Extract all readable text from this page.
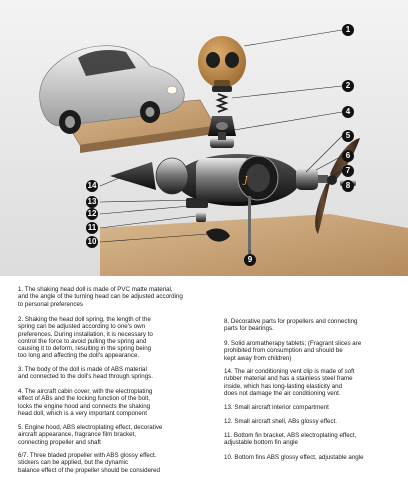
J
1
2
4
5
6
7
8
9
10
11
12
13
14
1. The shaking head doll is made of PVC matte material,
and the angle of the turning head can be adjusted according
to personal preferences
2. Shaking the head doll spring, the length of the
spring can be adjusted according to one's own
preferences. During installation, it is necessary to
control the force to avoid pulling the spring and
causing it to deform, resulting in the spring being
too long and affecting the doll's appearance.
3. The body of the doll is made of ABS material
and connected to the doll's head through springs.
4. The aircraft cabin cover, with the electroplating
effect of ABs and the locking function of the bolt,
locks the engine hood and connects the shaking
head doll, which is a very important component
5. Engine hood, ABS electroplating effect, decorative
aircraft appearance, fragrance film bracket,
connecting propeller and shaft
6/7. Three bladed propeller with ABS glossy effect.
stickers can be applied, but the dynamic
balance effect of the propeller should be considered
8. Decorative parts for propellers and connecting
parts for bearings.
9. Solid aromatherapy tablets; (Fragrant slices are
prohibited from consumption and should be
kept away from children)
14. The air conditioning vent clip is made of soft
rubber material and has a stainless steel frame
inside, which has long-lasting elasticity and
does not damage the air conditioning vent.
13. Small aircraft interior compartment
12. Small aircraft shell, ABs glossy effect.
11. Bottom fin bracket, ABS electroplating effect,
adjustable bottom fin angle
10. Bottom fins ABS glossy effect, adjustable angle
